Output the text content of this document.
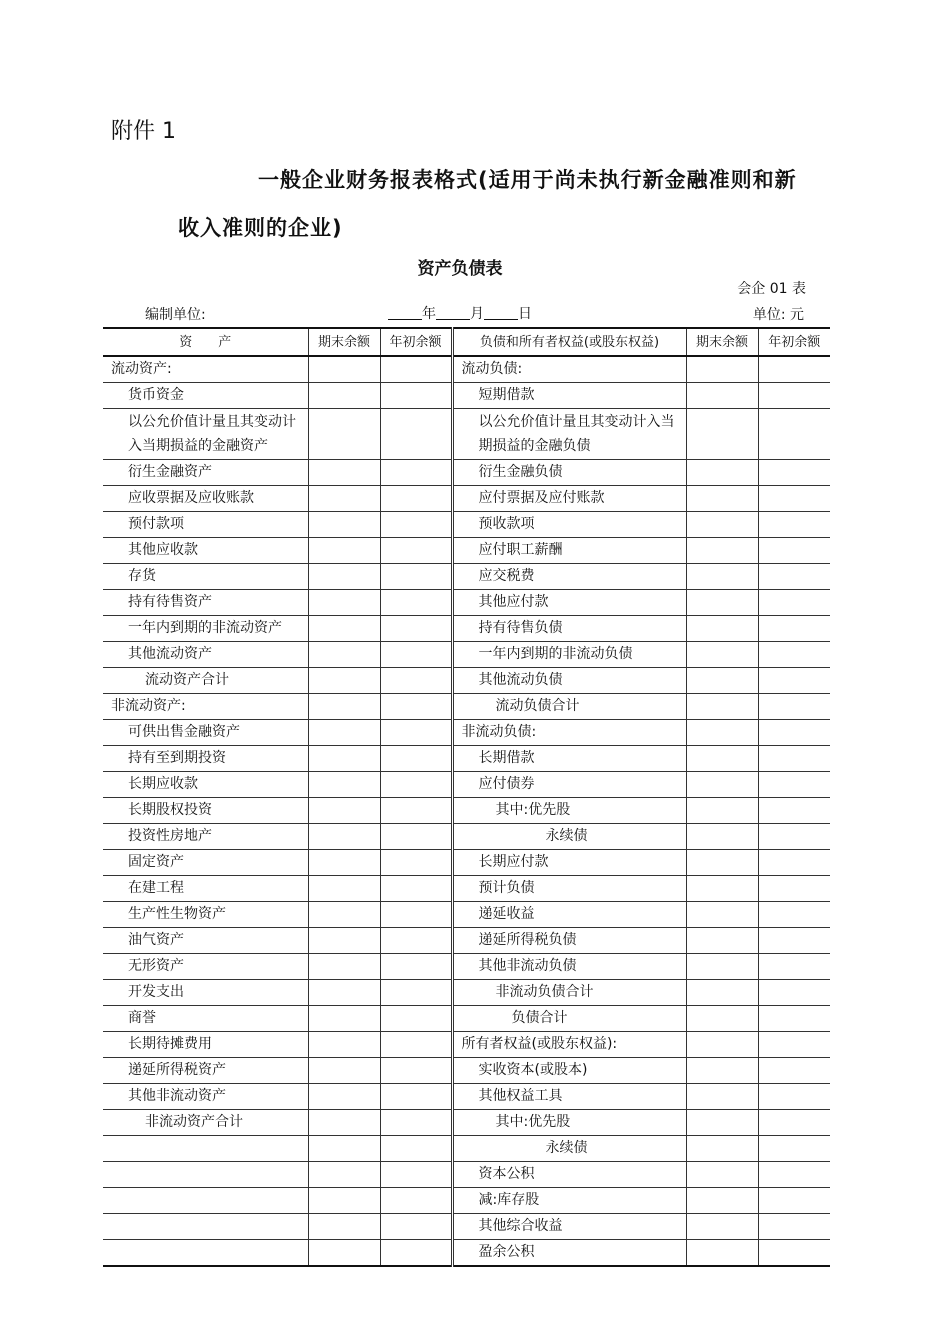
附件 1
一般企业财务报表格式(适用于尚未执行新金融准则和新
收入准则的企业)
资产负债表
会企 01 表
编制单位:	年 月 日	单位: 元
资　　产	期末余额	年初余额	负债和所有者权益(或股东权益)	期末余额	年初余额
流动资产:			流动负债:		
货币资金			短期借款		
以公允价值计量且其变动计入当期损益的金融资产			以公允价值计量且其变动计入当期损益的金融负债		
衍生金融资产			衍生金融负债		
应收票据及应收账款			应付票据及应付账款		
预付款项			预收款项		
其他应收款			应付职工薪酬		
存货			应交税费		
持有待售资产			其他应付款		
一年内到期的非流动资产			持有待售负债		
其他流动资产			一年内到期的非流动负债		
流动资产合计			其他流动负债		
非流动资产:			流动负债合计		
可供出售金融资产			非流动负债:		
持有至到期投资			长期借款		
长期应收款			应付债券		
长期股权投资			其中:优先股		
投资性房地产			永续债		
固定资产			长期应付款		
在建工程			预计负债		
生产性生物资产			递延收益		
油气资产			递延所得税负债		
无形资产			其他非流动负债		
开发支出			非流动负债合计		
商誉			负债合计		
长期待摊费用			所有者权益(或股东权益):		
递延所得税资产			实收资本(或股本)		
其他非流动资产			其他权益工具		
非流动资产合计			其中:优先股		
			永续债		
			资本公积		
			减:库存股		
			其他综合收益		
			盈余公积		
